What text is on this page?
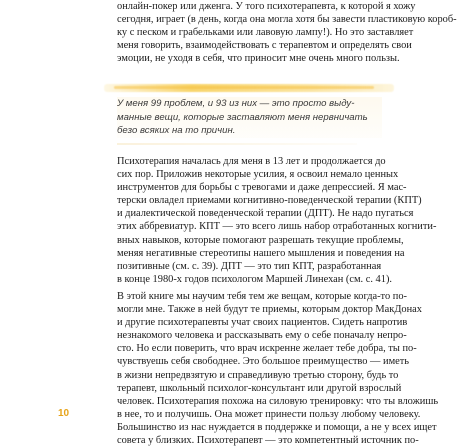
онлайн-покер или дженга. У того психотерапевта, к которой я хожу
сегодня, играет (в день, когда она могла хотя бы завести пластиковую короб-
ку с песком и грабельками или лавовую лампу!). Но это заставляет
меня говорить, взаимодействовать с терапевтом и определять свои
эмоции, не уходя в себя, что приносит мне очень много пользы.

У меня 99 проблем, и 93 из них — это просто выду-
манные вещи, которые заставляют меня нервничать
безо всяких на то причин.

Психотерапия началась для меня в 13 лет и продолжается до
сих пор. Приложив некоторые усилия, я освоил немало ценных
инструментов для борьбы с тревогами и даже депрессией. Я мас-
терски овладел приемами когнитивно-поведенческой терапии (КПТ)
и диалектической поведенческой терапии (ДПТ). Не надо пугаться
этих аббревиатур. КПТ — это всего лишь набор отработанных когнити-
вных навыков, которые помогают разрешать текущие проблемы,
меняя негативные стереотипы нашего мышления и поведения на
позитивные (см. с. 39). ДПТ — это тип КПТ, разработанная
в конце 1980-х годов психологом Маршей Линехан (см. с. 41).

В этой книге мы научим тебя тем же вещам, которые когда-то по-
могли мне. Также в ней будут те приемы, которым доктор МакДонах
и другие психотерапевты учат своих пациентов. Сидеть напротив
незнакомого человека и рассказывать ему о себе поначалу непро-
сто. Но если поверить, что врач искренне желает тебе добра, ты по-
чувствуешь себя свободнее. Это большое преимущество — иметь
в жизни непредвзятую и справедливую третью сторону, будь то
терапевт, школьный психолог-консультант или другой взрослый
человек. Психотерапия похожа на силовую тренировку: что ты вложишь
в нее, то и получишь. Она может принести пользу любому человеку.
Большинство из нас нуждается в поддержке и помощи, а не у всех ищет
совета у близких. Психотерапевт — это компетентный источник по-

10
